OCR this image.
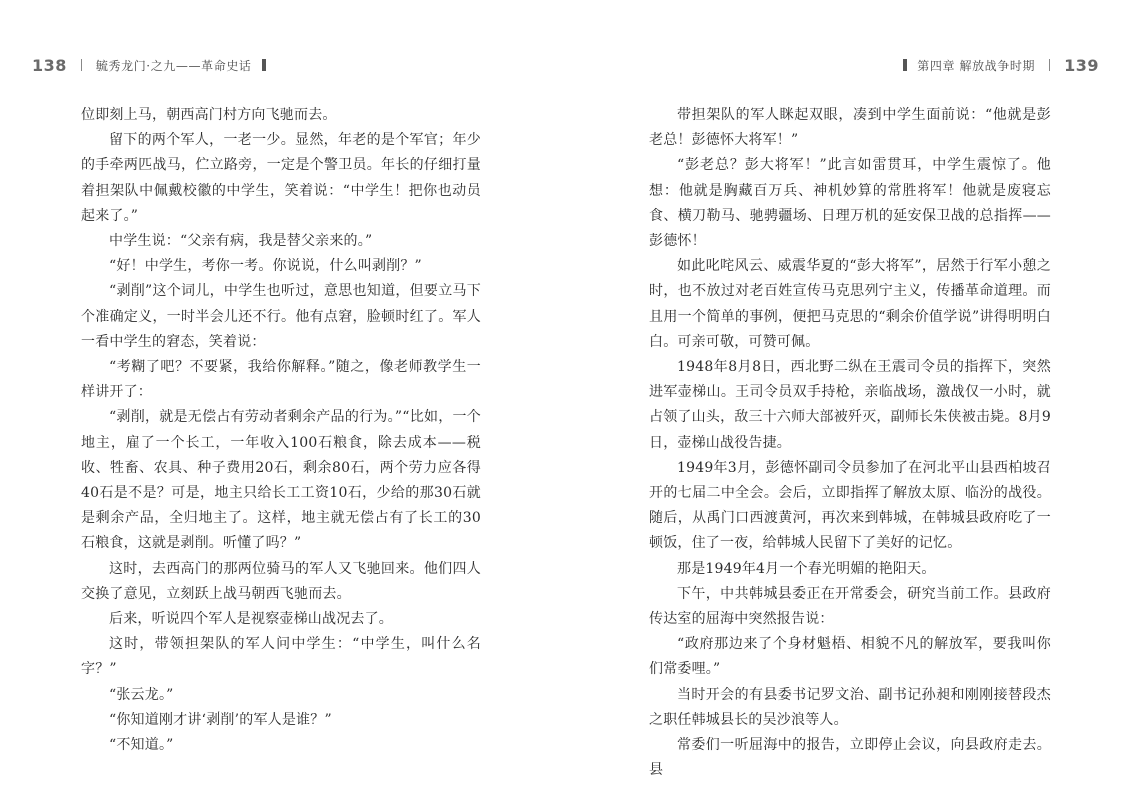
138 毓秀龙门·之九——革命史话

位即刻上马，朝西高门村方向飞驰而去。

留下的两个军人，一老一少。显然，年老的是个军官；年少的手牵两匹战马，伫立路旁，一定是个警卫员。年长的仔细打量着担架队中佩戴校徽的中学生，笑着说：“中学生！把你也动员起来了。”

中学生说：“父亲有病，我是替父亲来的。”

“好！中学生，考你一考。你说说，什么叫剥削？”

“剥削”这个词儿，中学生也听过，意思也知道，但要立马下个准确定义，一时半会儿还不行。他有点窘，脸顿时红了。军人一看中学生的窘态，笑着说：

“考糊了吧？不要紧，我给你解释。”随之，像老师教学生一样讲开了：

“剥削，就是无偿占有劳动者剩余产品的行为。”“比如，一个地主，雇了一个长工，一年收入100石粮食，除去成本——税收、牲畜、农具、种子费用20石，剩余80石，两个劳力应各得40石是不是？可是，地主只给长工工资10石，少给的那30石就是剩余产品，全归地主了。这样，地主就无偿占有了长工的30石粮食，这就是剥削。听懂了吗？”

这时，去西高门的那两位骑马的军人又飞驰回来。他们四人交换了意见，立刻跃上战马朝西飞驰而去。

后来，听说四个军人是视察壶梯山战况去了。

这时，带领担架队的军人问中学生：“中学生，叫什么名字？”

“张云龙。”

“你知道刚才讲‘剥削’的军人是谁？”

“不知道。”

第四章 解放战争时期 139

带担架队的军人眯起双眼，凑到中学生面前说：“他就是彭老总！彭德怀大将军！”

“彭老总？彭大将军！”此言如雷贯耳，中学生震惊了。他想：他就是胸藏百万兵、神机妙算的常胜将军！他就是废寝忘食、横刀勒马、驰骋疆场、日理万机的延安保卫战的总指挥——彭德怀！

如此叱咤风云、威震华夏的“彭大将军”，居然于行军小憩之时，也不放过对老百姓宣传马克思列宁主义，传播革命道理。而且用一个简单的事例，便把马克思的“剩余价值学说”讲得明明白白。可亲可敬，可赞可佩。

1948年8月8日，西北野二纵在王震司令员的指挥下，突然进军壶梯山。王司令员双手持枪，亲临战场，激战仅一小时，就占领了山头，敌三十六师大部被歼灭，副师长朱侠被击毙。8月9日，壶梯山战役告捷。

1949年3月，彭德怀副司令员参加了在河北平山县西柏坡召开的七届二中全会。会后，立即指挥了解放太原、临汾的战役。随后，从禹门口西渡黄河，再次来到韩城，在韩城县政府吃了一顿饭，住了一夜，给韩城人民留下了美好的记忆。

那是1949年4月一个春光明媚的艳阳天。

下午，中共韩城县委正在开常委会，研究当前工作。县政府传达室的屈海中突然报告说：

“政府那边来了个身材魁梧、相貌不凡的解放军，要我叫你们常委哩。”

当时开会的有县委书记罗文治、副书记孙昶和刚刚接替段杰之职任韩城县长的吴沙浪等人。

常委们一听屈海中的报告，立即停止会议，向县政府走去。县
